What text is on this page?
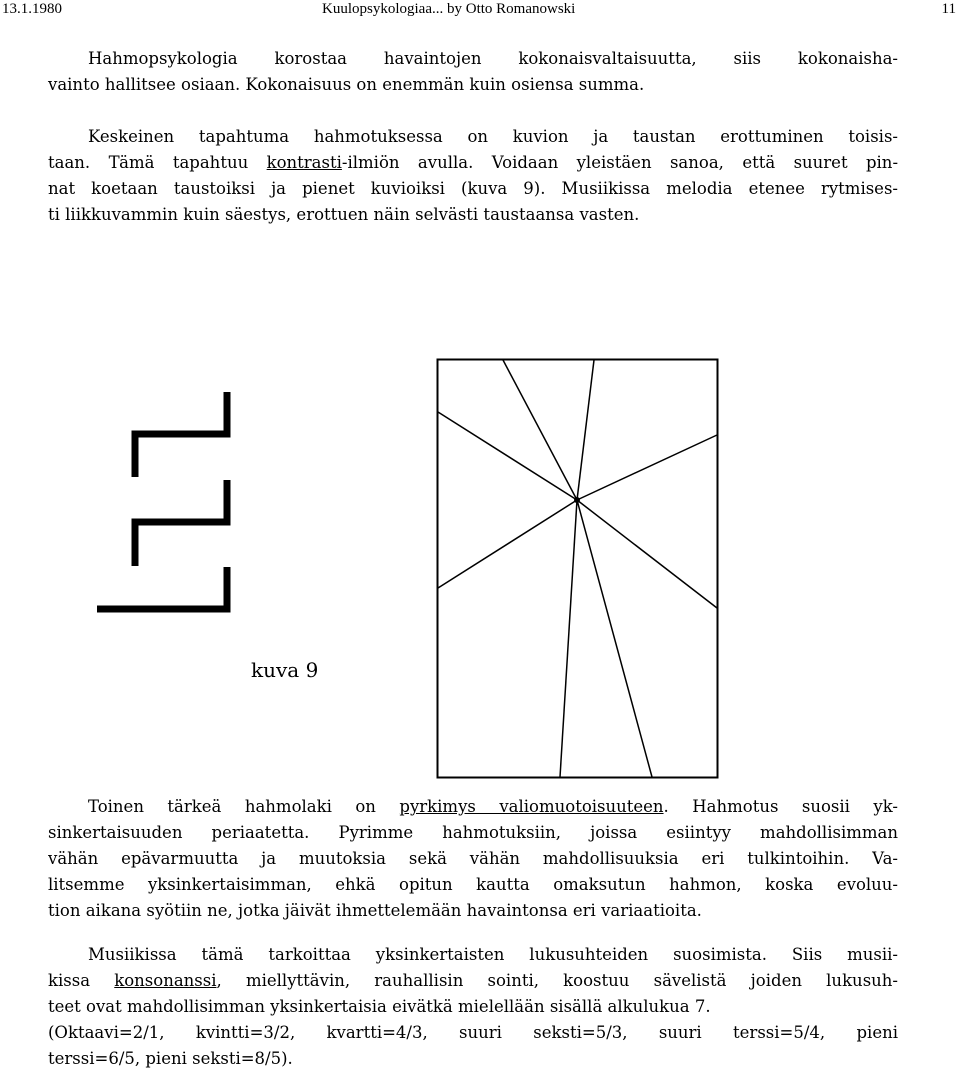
13.1.1980	Kuulopsykologiaa... by Otto Romanowski	11
Hahmopsykologia korostaa havaintojen kokonaisvaltaisuutta, siis kokonaisha-
vainto hallitsee osiaan. Kokonaisuus on enemmän kuin osiensa summa.
Keskeinen tapahtuma hahmotuksessa on kuvion ja taustan erottuminen toisis-
taan. Tämä tapahtuu kontrasti-ilmiön avulla. Voidaan yleistäen sanoa, että suuret pin-
nat koetaan taustoiksi ja pienet kuvioiksi (kuva 9). Musiikissa melodia etenee rytmises-
ti liikkuvammin kuin säestys, erottuen näin selvästi taustaansa vasten.
kuva 9
Toinen tärkeä hahmolaki on pyrkimys valiomuotoisuuteen. Hahmotus suosii yk-
sinkertaisuuden periaatetta. Pyrimme hahmotuksiin, joissa esiintyy mahdollisimman
vähän epävarmuutta ja muutoksia sekä vähän mahdollisuuksia eri tulkintoihin. Va-
litsemme yksinkertaisimman, ehkä opitun kautta omaksutun hahmon, koska evoluu-
tion aikana syötiin ne, jotka jäivät ihmettelemään havaintonsa eri variaatioita.
Musiikissa tämä tarkoittaa yksinkertaisten lukusuhteiden suosimista. Siis musii-
kissa konsonanssi, miellyttävin, rauhallisin sointi, koostuu sävelistä joiden lukusuh-
teet ovat mahdollisimman yksinkertaisia eivätkä mielellään sisällä alkulukua 7.
(Oktaavi=2/1, kvintti=3/2, kvartti=4/3, suuri seksti=5/3, suuri terssi=5/4, pieni
terssi=6/5, pieni seksti=8/5).
